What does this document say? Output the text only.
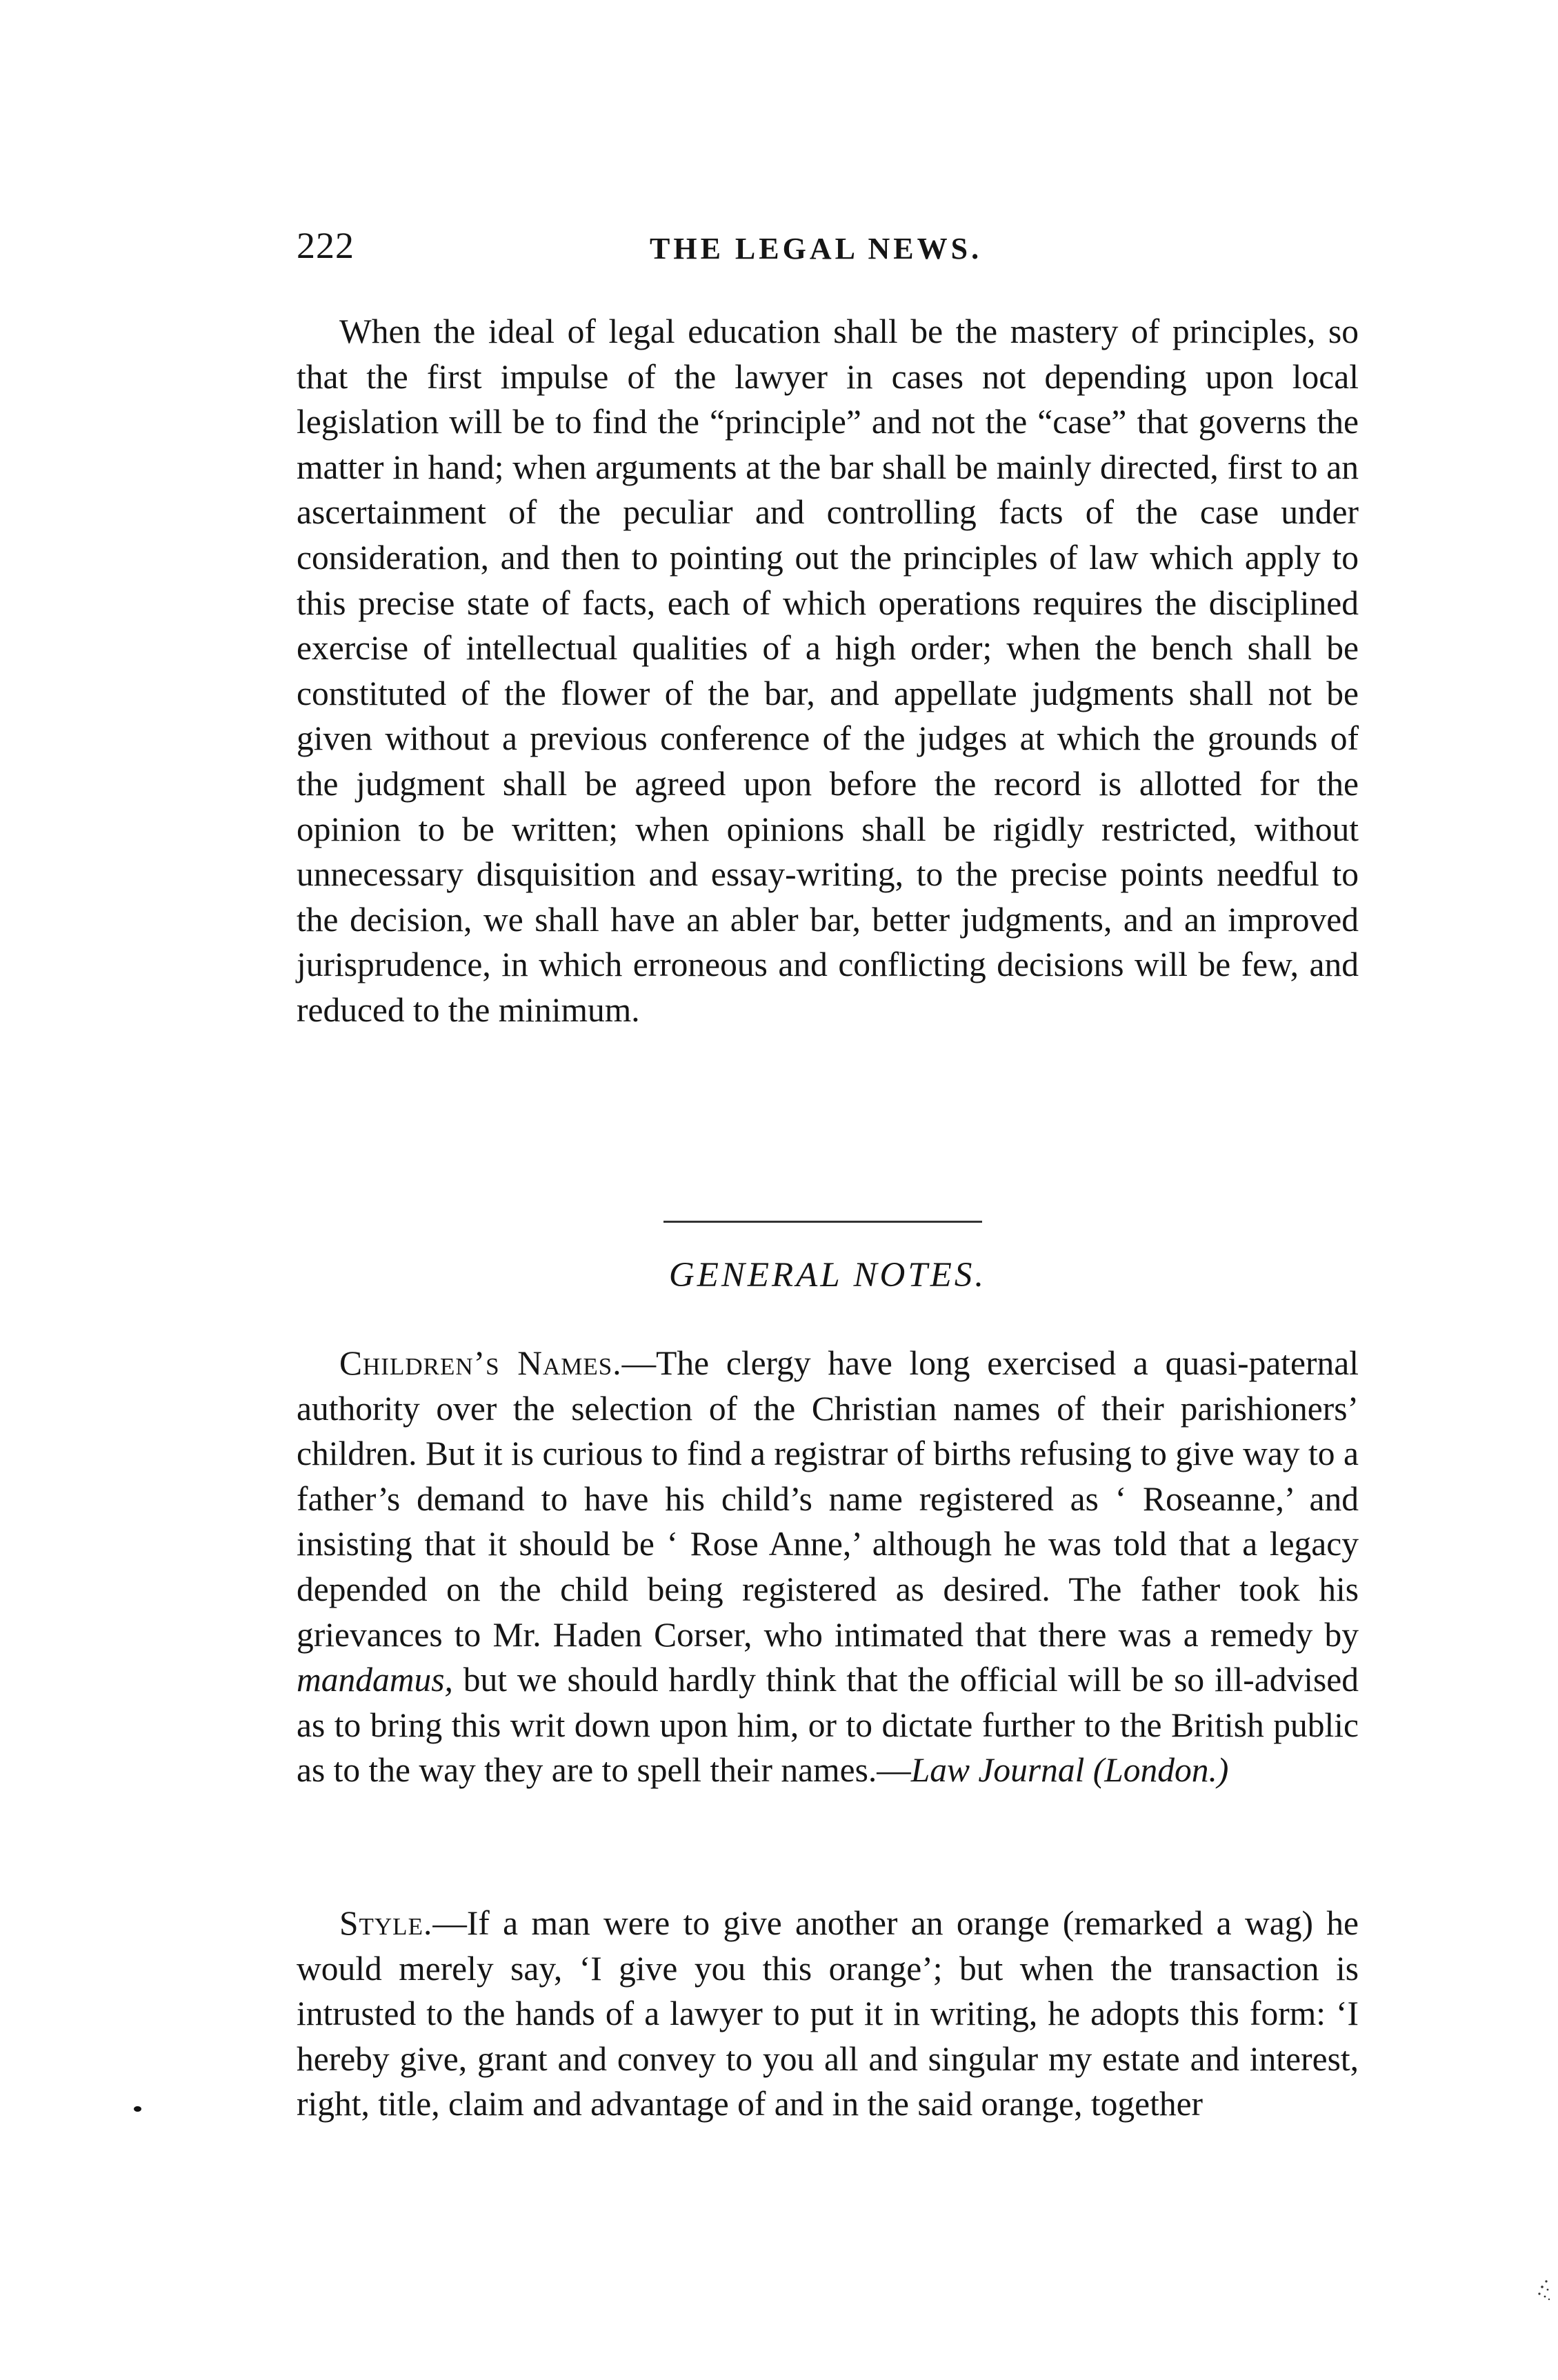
222	THE LEGAL NEWS.

When the ideal of legal education shall be the mastery of principles, so that the first impulse of the lawyer in cases not depending upon local legislation will be to find the “principle” and not the “case” that governs the matter in hand; when arguments at the bar shall be mainly directed, first to an ascertainment of the peculiar and controlling facts of the case under consideration, and then to pointing out the principles of law which apply to this precise state of facts, each of which operations requires the disciplined exercise of intellectual qualities of a high order; when the bench shall be constituted of the flower of the bar, and appellate judgments shall not be given without a previous conference of the judges at which the grounds of the judgment shall be agreed upon before the record is allotted for the opinion to be written; when opinions shall be rigidly restricted, without unnecessary disquisition and essay-writing, to the precise points needful to the decision, we shall have an abler bar, better judgments, and an improved jurisprudence, in which erroneous and conflicting decisions will be few, and reduced to the minimum.

GENERAL NOTES.

Children’s Names.—The clergy have long exercised a quasi-paternal authority over the selection of the Christian names of their parishioners’ children. But it is curious to find a registrar of births refusing to give way to a father’s demand to have his child’s name registered as ‘ Roseanne,’ and insisting that it should be ‘ Rose Anne,’ although he was told that a legacy depended on the child being registered as desired. The father took his grievances to Mr. Haden Corser, who intimated that there was a remedy by mandamus, but we should hardly think that the official will be so ill-advised as to bring this writ down upon him, or to dictate further to the British public as to the way they are to spell their names.—Law Journal (London.)

Style.—If a man were to give another an orange (remarked a wag) he would merely say, ‘I give you this orange’; but when the transaction is intrusted to the hands of a lawyer to put it in writing, he adopts this form: ‘I hereby give, grant and convey to you all and singular my estate and interest, right, title, claim and advantage of and in the said orange, together
